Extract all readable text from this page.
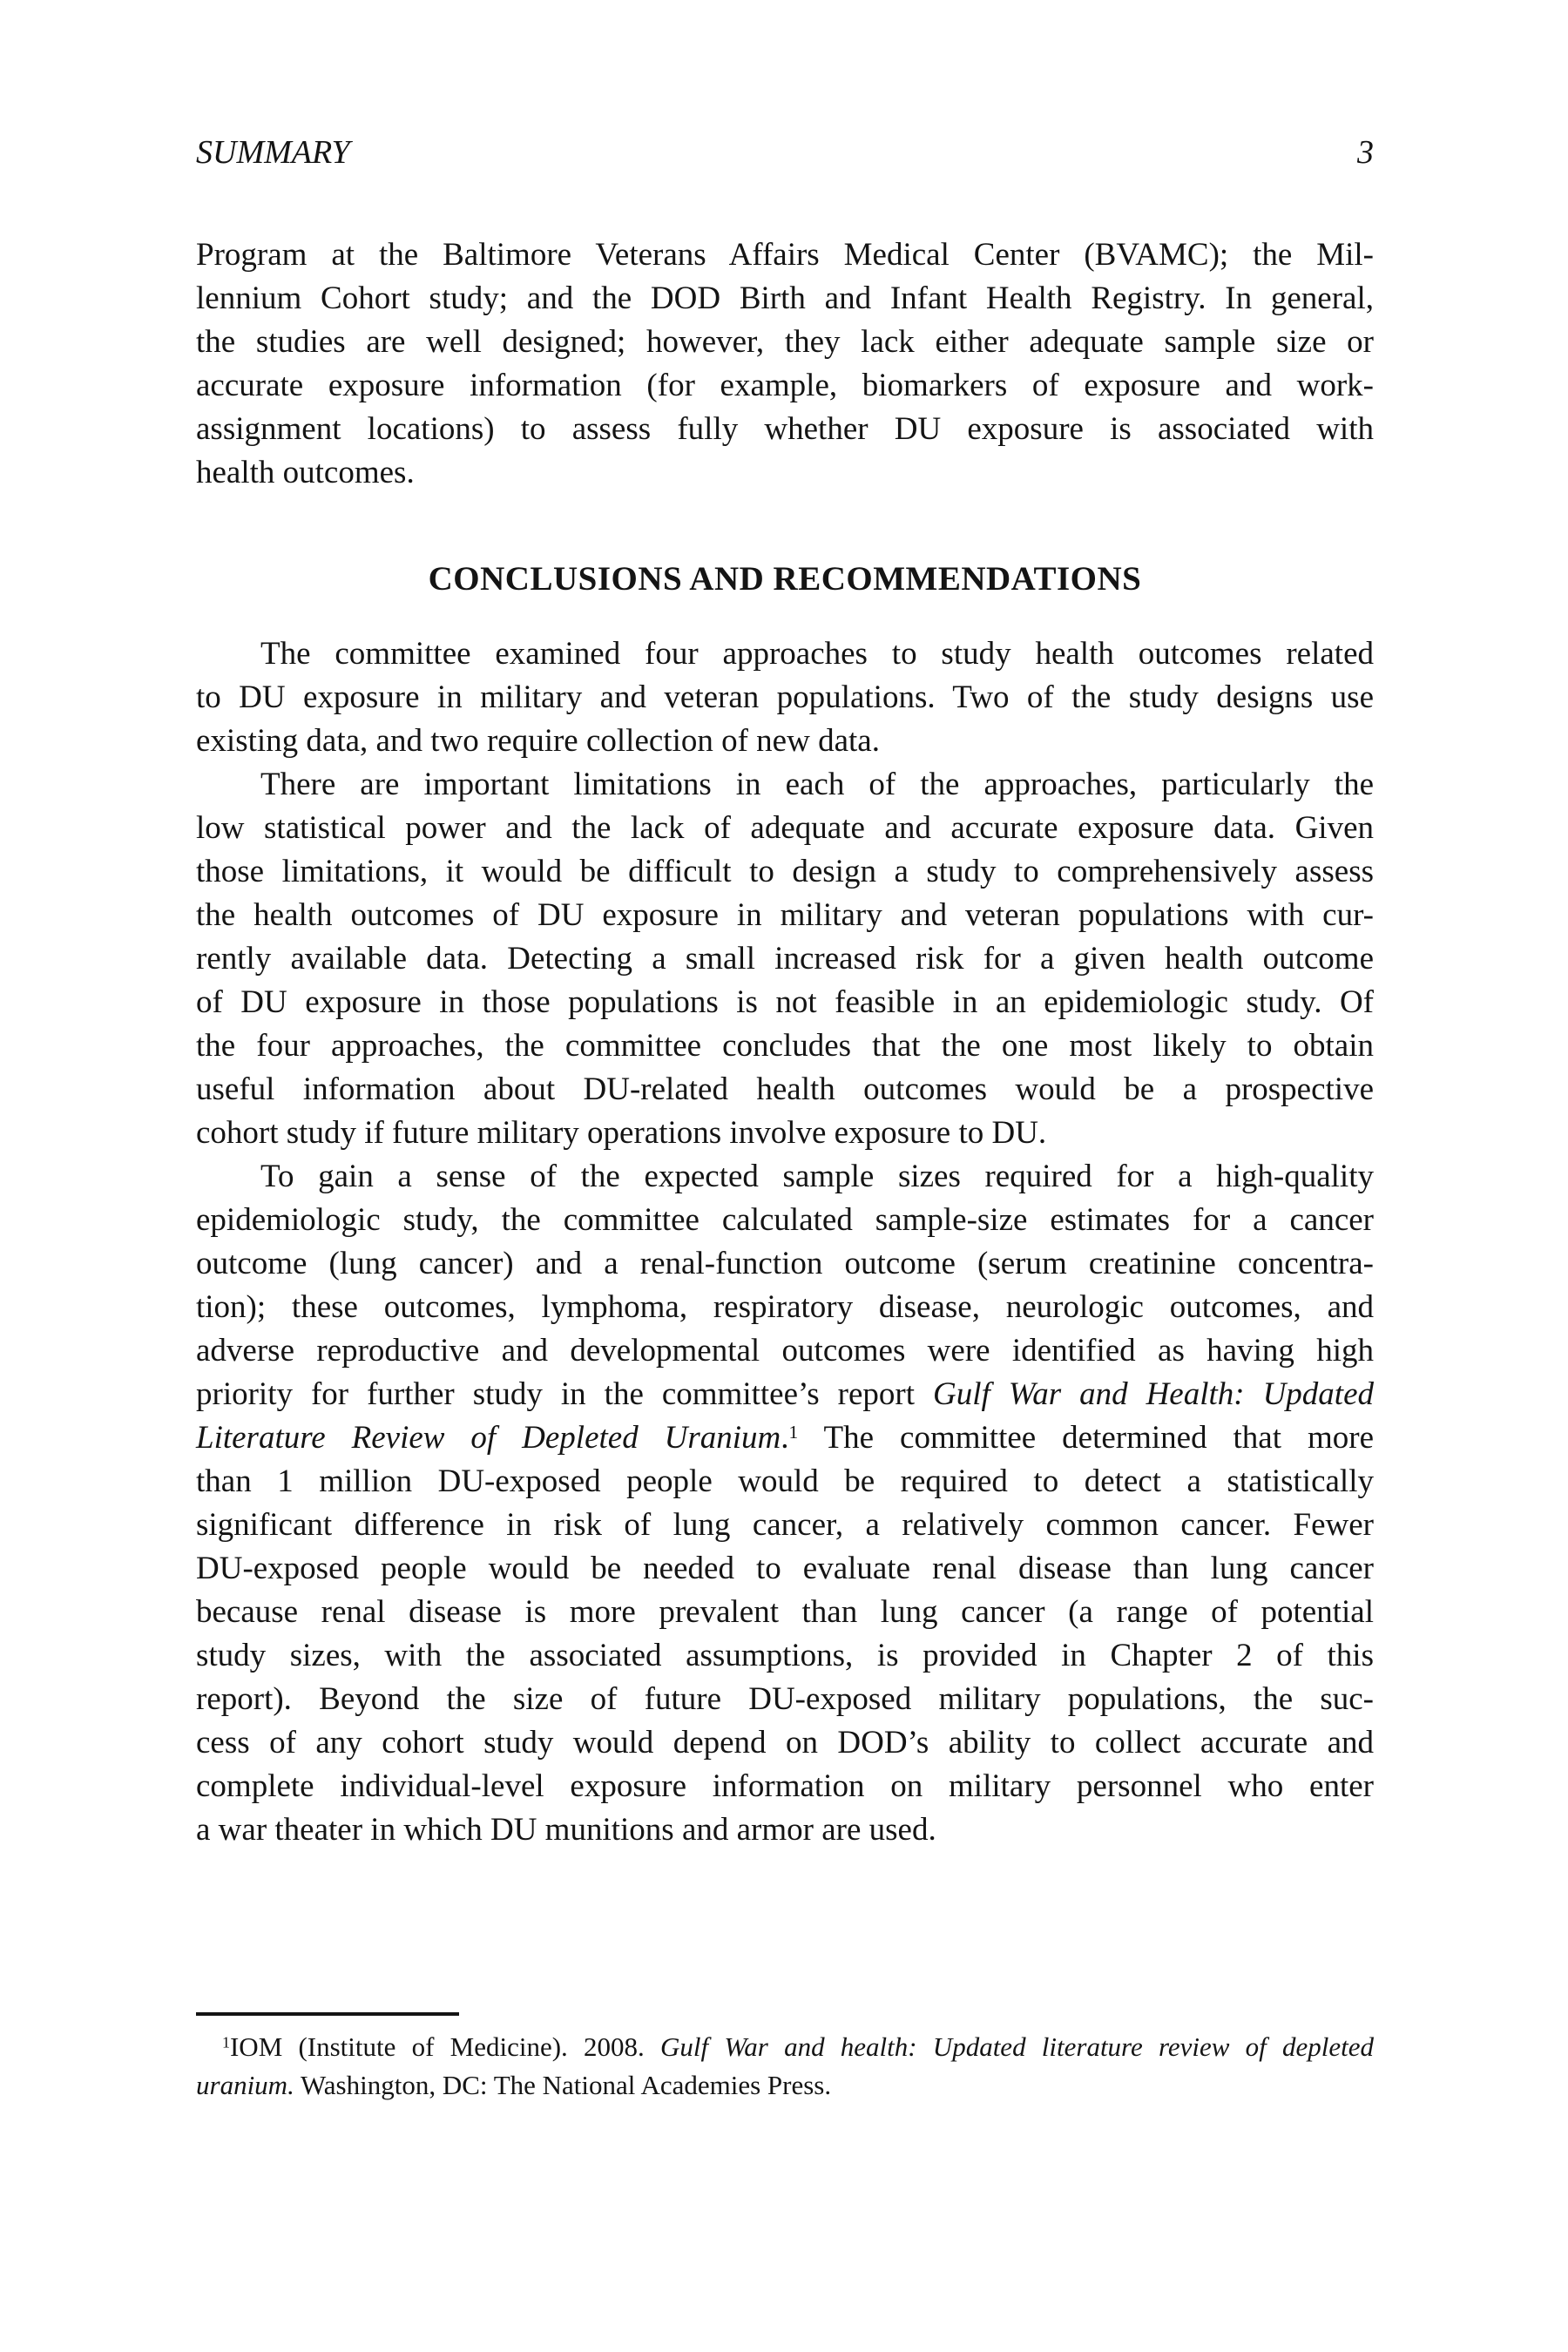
SUMMARY	3
Program at the Baltimore Veterans Affairs Medical Center (BVAMC); the Mil-
lennium Cohort study; and the DOD Birth and Infant Health Registry. In general,
the studies are well designed; however, they lack either adequate sample size or
accurate exposure information (for example, biomarkers of exposure and work-
assignment locations) to assess fully whether DU exposure is associated with
health outcomes.
CONCLUSIONS AND RECOMMENDATIONS
The committee examined four approaches to study health outcomes related
to DU exposure in military and veteran populations. Two of the study designs use
existing data, and two require collection of new data.
There are important limitations in each of the approaches, particularly the
low statistical power and the lack of adequate and accurate exposure data. Given
those limitations, it would be difficult to design a study to comprehensively assess
the health outcomes of DU exposure in military and veteran populations with cur-
rently available data. Detecting a small increased risk for a given health outcome
of DU exposure in those populations is not feasible in an epidemiologic study. Of
the four approaches, the committee concludes that the one most likely to obtain
useful information about DU-related health outcomes would be a prospective
cohort study if future military operations involve exposure to DU.
To gain a sense of the expected sample sizes required for a high-quality
epidemiologic study, the committee calculated sample-size estimates for a cancer
outcome (lung cancer) and a renal-function outcome (serum creatinine concentra-
tion); these outcomes, lymphoma, respiratory disease, neurologic outcomes, and
adverse reproductive and developmental outcomes were identified as having high
priority for further study in the committee’s report Gulf War and Health: Updated
Literature Review of Depleted Uranium.$^1$ The committee determined that more
than 1 million DU-exposed people would be required to detect a statistically
significant difference in risk of lung cancer, a relatively common cancer. Fewer
DU-exposed people would be needed to evaluate renal disease than lung cancer
because renal disease is more prevalent than lung cancer (a range of potential
study sizes, with the associated assumptions, is provided in Chapter 2 of this
report). Beyond the size of future DU-exposed military populations, the suc-
cess of any cohort study would depend on DOD’s ability to collect accurate and
complete individual-level exposure information on military personnel who enter
a war theater in which DU munitions and armor are used.
$^1$IOM (Institute of Medicine). 2008. Gulf War and health: Updated literature review of depleted
uranium. Washington, DC: The National Academies Press.
